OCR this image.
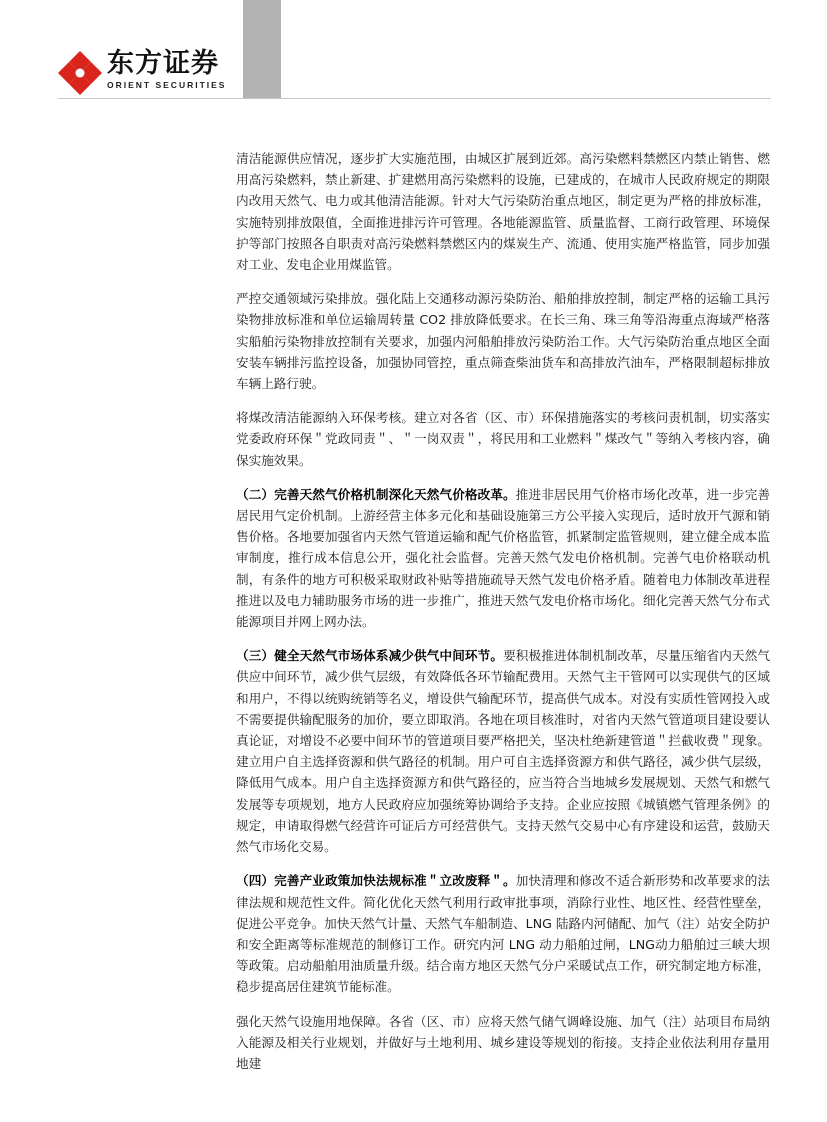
东方证券
ORIENT SECURITIES

清洁能源供应情况，逐步扩大实施范围，由城区扩展到近郊。高污染燃料禁燃区内禁止销售、燃用高污染燃料，禁止新建、扩建燃用高污染燃料的设施，已建成的，在城市人民政府规定的期限内改用天然气、电力或其他清洁能源。针对大气污染防治重点地区，制定更为严格的排放标准，实施特别排放限值，全面推进排污许可管理。各地能源监管、质量监督、工商行政管理、环境保护等部门按照各自职责对高污染燃料禁燃区内的煤炭生产、流通、使用实施严格监管，同步加强对工业、发电企业用煤监管。

严控交通领域污染排放。强化陆上交通移动源污染防治、船舶排放控制，制定严格的运输工具污染物排放标准和单位运输周转量 CO2 排放降低要求。在长三角、珠三角等沿海重点海域严格落实船舶污染物排放控制有关要求，加强内河船舶排放污染防治工作。大气污染防治重点地区全面安装车辆排污监控设备，加强协同管控，重点筛查柴油货车和高排放汽油车，严格限制超标排放车辆上路行驶。

将煤改清洁能源纳入环保考核。建立对各省（区、市）环保措施落实的考核问责机制，切实落实党委政府环保＂党政同责＂、＂一岗双责＂，将民用和工业燃料＂煤改气＂等纳入考核内容，确保实施效果。

（二）完善天然气价格机制深化天然气价格改革。推进非居民用气价格市场化改革，进一步完善居民用气定价机制。上游经营主体多元化和基础设施第三方公平接入实现后，适时放开气源和销售价格。各地要加强省内天然气管道运输和配气价格监管，抓紧制定监管规则，建立健全成本监审制度，推行成本信息公开，强化社会监督。完善天然气发电价格机制。完善气电价格联动机制，有条件的地方可积极采取财政补贴等措施疏导天然气发电价格矛盾。随着电力体制改革进程推进以及电力辅助服务市场的进一步推广，推进天然气发电价格市场化。细化完善天然气分布式能源项目并网上网办法。

（三）健全天然气市场体系减少供气中间环节。要积极推进体制机制改革，尽量压缩省内天然气供应中间环节，减少供气层级，有效降低各环节输配费用。天然气主干管网可以实现供气的区域和用户，不得以统购统销等名义，增设供气输配环节，提高供气成本。对没有实质性管网投入或不需要提供输配服务的加价，要立即取消。各地在项目核准时，对省内天然气管道项目建设要认真论证，对增设不必要中间环节的管道项目要严格把关，坚决杜绝新建管道＂拦截收费＂现象。建立用户自主选择资源和供气路径的机制。用户可自主选择资源方和供气路径，减少供气层级，降低用气成本。用户自主选择资源方和供气路径的，应当符合当地城乡发展规划、天然气和燃气发展等专项规划，地方人民政府应加强统筹协调给予支持。企业应按照《城镇燃气管理条例》的规定，申请取得燃气经营许可证后方可经营供气。支持天然气交易中心有序建设和运营，鼓励天然气市场化交易。

（四）完善产业政策加快法规标准＂立改废释＂。加快清理和修改不适合新形势和改革要求的法律法规和规范性文件。简化优化天然气利用行政审批事项，消除行业性、地区性、经营性壁垒，促进公平竞争。加快天然气计量、天然气车船制造、LNG 陆路内河储配、加气（注）站安全防护和安全距离等标准规范的制修订工作。研究内河 LNG 动力船舶过闸，LNG动力船舶过三峡大坝等政策。启动船舶用油质量升级。结合南方地区天然气分户采暖试点工作，研究制定地方标准，稳步提高居住建筑节能标准。

强化天然气设施用地保障。各省（区、市）应将天然气储气调峰设施、加气（注）站项目布局纳入能源及相关行业规划，并做好与土地利用、城乡建设等规划的衔接。支持企业依法利用存量用地建
